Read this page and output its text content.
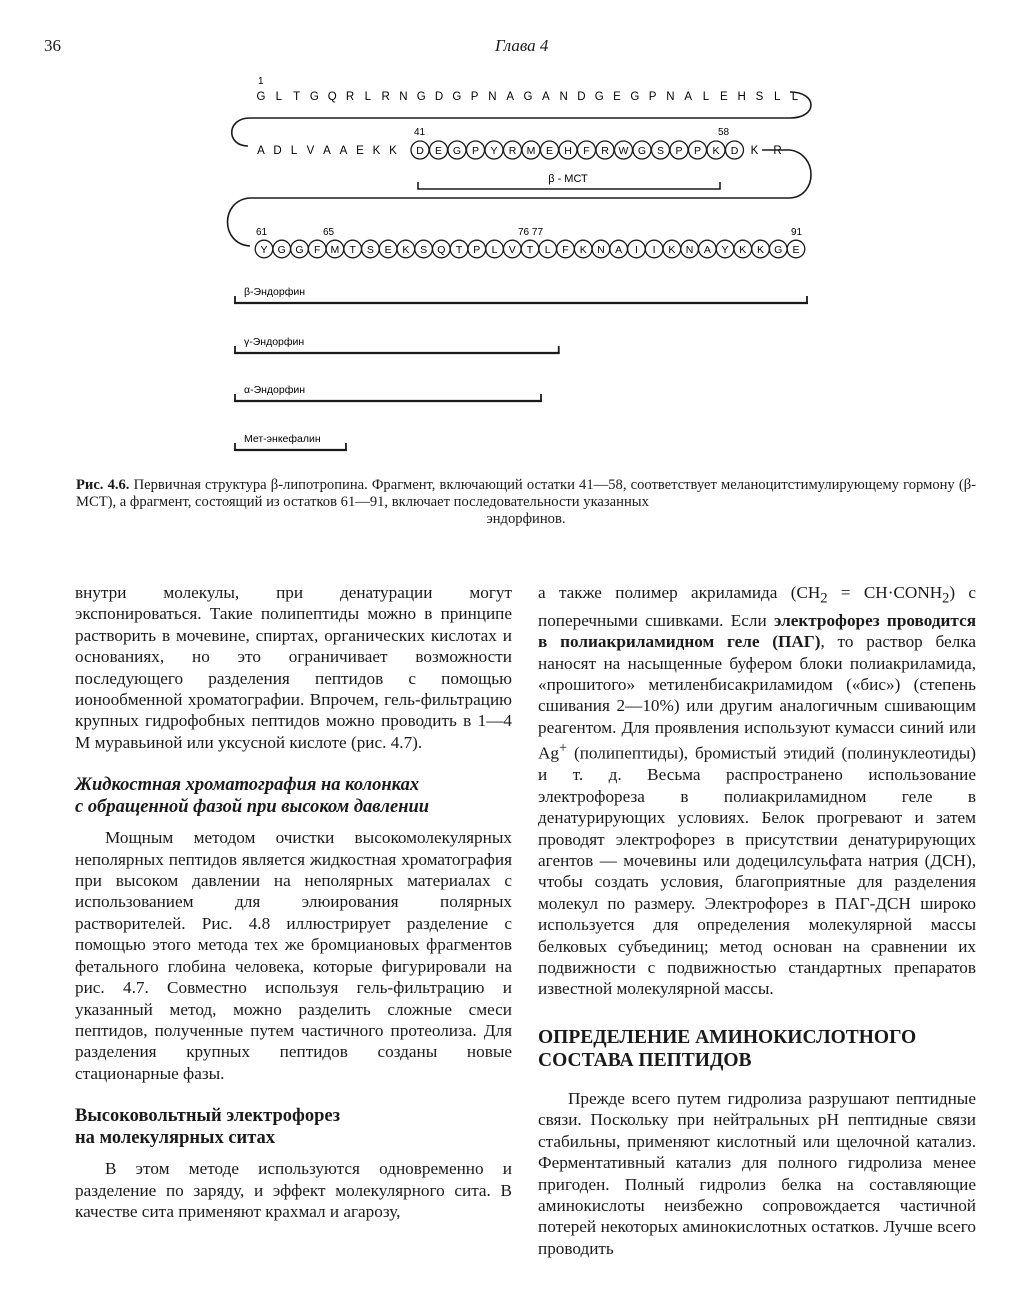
36	Глава 4
1
G L T G Q R L R N G D G P N A G A N D G E G P N A L E H S L L
A D L V A A E K K D E G P Y R M E H F R W G S P P K D K R
41	58
β - МСТ
Y G G F M T S E K S Q T P L V T L F K N A I I K N A Y K K G E
61	65	76 77	91
β-Эндорфин
γ-Эндорфин
α-Эндорфин
Мет-энкефалин
Рис. 4.6. Первичная структура β-липотропина. Фрагмент, включающий остатки 41—58, соответствует меланоцитстимулирующему гормону (β-МСТ), а фрагмент, состоящий из остатков 61—91, включает последовательности указанных
эндорфинов.

внутри молекулы, при денатурации могут экспонироваться. Такие полипептиды можно в принципе растворить в мочевине, спиртах, органических кислотах и основаниях, но это ограничивает возможности последующего разделения пептидов с помощью ионообменной хроматографии. Впрочем, гель-фильтрацию крупных гидрофобных пептидов можно проводить в 1—4 М муравьиной или уксусной кислоте (рис. 4.7).

Жидкостная хроматография на колонках
с обращенной фазой при высоком давлении

Мощным методом очистки высокомолекулярных неполярных пептидов является жидкостная хроматография при высоком давлении на неполярных материалах с использованием для элюирования полярных растворителей. Рис. 4.8 иллюстрирует разделение с помощью этого метода тех же бромциановых фрагментов фетального глобина человека, которые фигурировали на рис. 4.7. Совместно используя гель-фильтрацию и указанный метод, можно разделить сложные смеси пептидов, полученные путем частичного протеолиза. Для разделения крупных пептидов созданы новые стационарные фазы.

Высоковольтный электрофорез
на молекулярных ситах

В этом методе используются одновременно и разделение по заряду, и эффект молекулярного сита. В качестве сита применяют крахмал и агарозу,

а также полимер акриламида ($CH_2$ = $CH\cdot CONH_2$) с поперечными сшивками. Если электрофорез проводится в полиакриламидном геле (ПАГ), то раствор белка наносят на насыщенные буфером блоки полиакриламида, «прошитого» метиленбисакриламидом («бис») (степень сшивания 2—10%) или другим аналогичным сшивающим реагентом. Для проявления используют кумасси синий или Ag+ (полипептиды), бромистый этидий (полинуклеотиды) и т. д. Весьма распространено использование электрофореза в полиакриламидном геле в денатурирующих условиях. Белок прогревают и затем проводят электрофорез в присутствии денатурирующих агентов — мочевины или додецилсульфата натрия (ДСН), чтобы создать условия, благоприятные для разделения молекул по размеру. Электрофорез в ПАГ-ДСН широко используется для определения молекулярной массы белковых субъединиц; метод основан на сравнении их подвижности с подвижностью стандартных препаратов известной молекулярной массы.

ОПРЕДЕЛЕНИЕ АМИНОКИСЛОТНОГО
СОСТАВА ПЕПТИДОВ

Прежде всего путем гидролиза разрушают пептидные связи. Поскольку при нейтральных pH пептидные связи стабильны, применяют кислотный или щелочной катализ. Ферментативный катализ для полного гидролиза менее пригоден. Полный гидролиз белка на составляющие аминокислоты неизбежно сопровождается частичной потерей некоторых аминокислотных остатков. Лучше всего проводить
